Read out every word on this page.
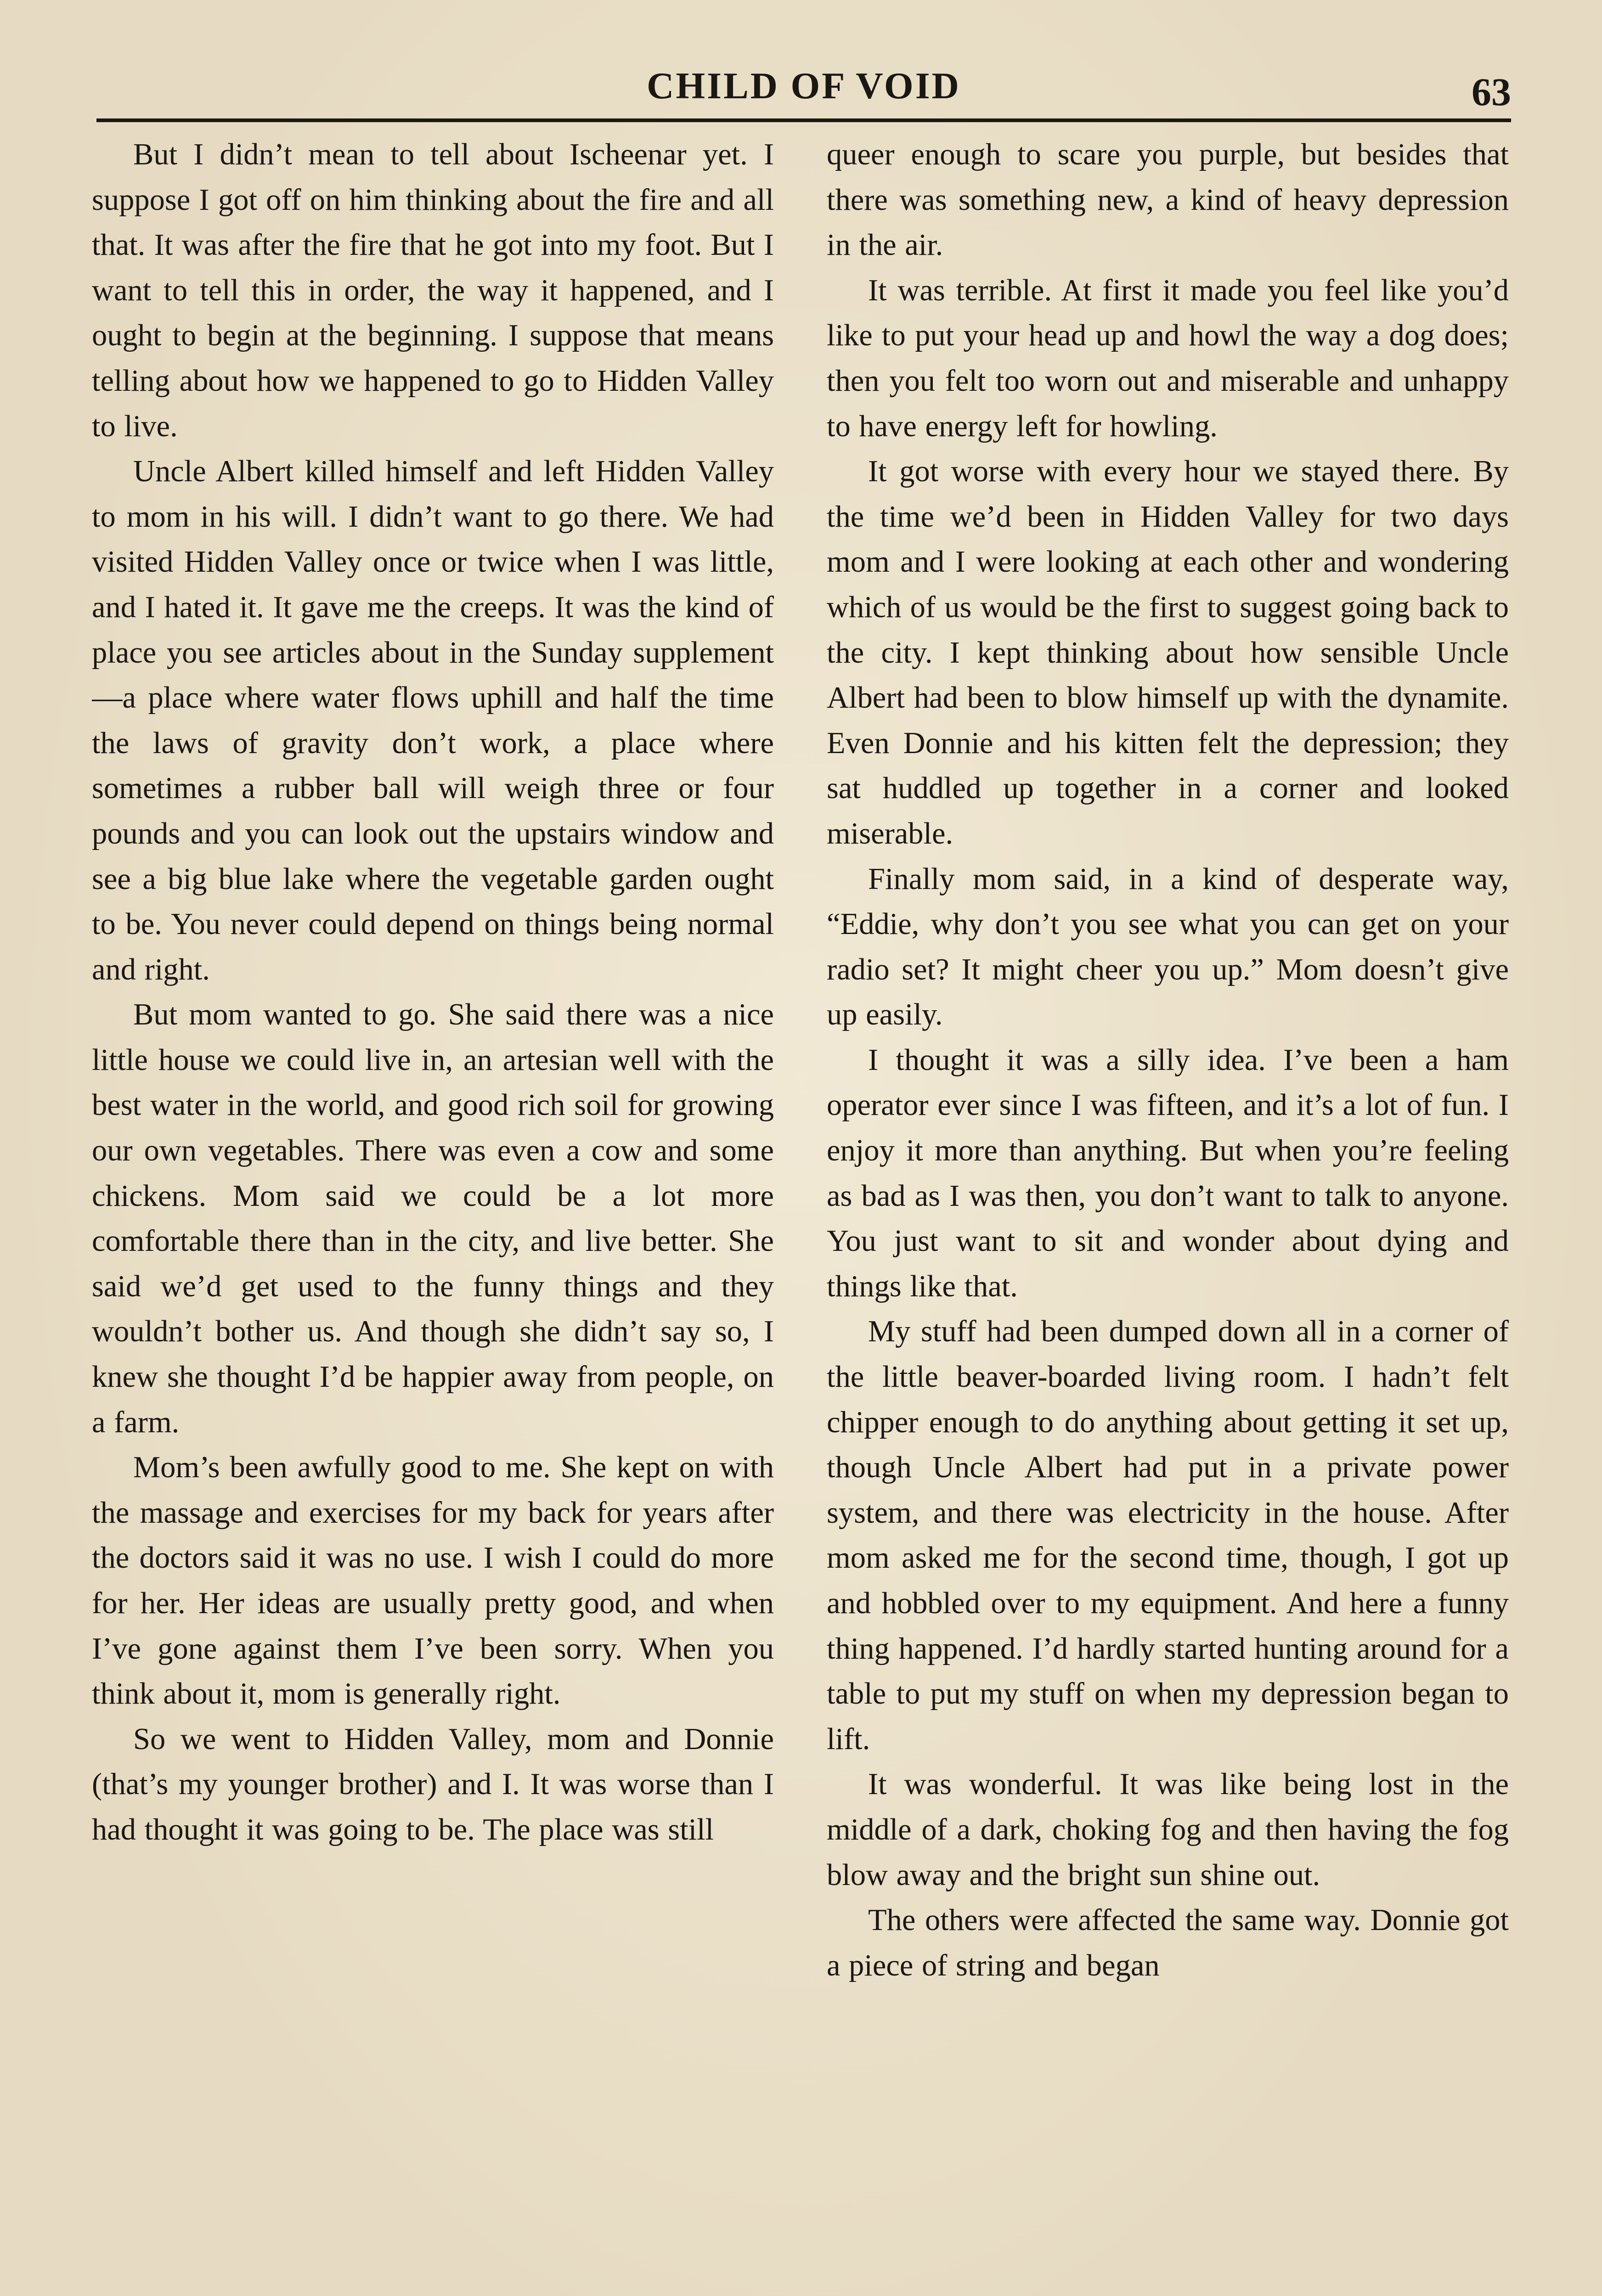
CHILD OF VOID	63

But I didn’t mean to tell about Ischeenar yet. I suppose I got off on him thinking about the fire and all that. It was after the fire that he got into my foot. But I want to tell this in order, the way it happened, and I ought to begin at the beginning. I suppose that means telling about how we happened to go to Hidden Valley to live.

Uncle Albert killed himself and left Hidden Valley to mom in his will. I didn’t want to go there. We had visited Hidden Valley once or twice when I was little, and I hated it. It gave me the creeps. It was the kind of place you see articles about in the Sunday supplement—a place where water flows uphill and half the time the laws of gravity don’t work, a place where sometimes a rubber ball will weigh three or four pounds and you can look out the upstairs window and see a big blue lake where the vegetable garden ought to be. You never could depend on things being normal and right.

But mom wanted to go. She said there was a nice little house we could live in, an artesian well with the best water in the world, and good rich soil for growing our own vegetables. There was even a cow and some chickens. Mom said we could be a lot more comfortable there than in the city, and live better. She said we’d get used to the funny things and they wouldn’t bother us. And though she didn’t say so, I knew she thought I’d be happier away from people, on a farm.

Mom’s been awfully good to me. She kept on with the massage and exercises for my back for years after the doctors said it was no use. I wish I could do more for her. Her ideas are usually pretty good, and when I’ve gone against them I’ve been sorry. When you think about it, mom is generally right.

So we went to Hidden Valley, mom and Donnie (that’s my younger brother) and I. It was worse than I had thought it was going to be. The place was still

queer enough to scare you purple, but besides that there was something new, a kind of heavy depression in the air.

It was terrible. At first it made you feel like you’d like to put your head up and howl the way a dog does; then you felt too worn out and miserable and unhappy to have energy left for howling.

It got worse with every hour we stayed there. By the time we’d been in Hidden Valley for two days mom and I were looking at each other and wondering which of us would be the first to suggest going back to the city. I kept thinking about how sensible Uncle Albert had been to blow himself up with the dynamite. Even Donnie and his kitten felt the depression; they sat huddled up together in a corner and looked miserable.

Finally mom said, in a kind of desperate way, “Eddie, why don’t you see what you can get on your radio set? It might cheer you up.” Mom doesn’t give up easily.

I thought it was a silly idea. I’ve been a ham operator ever since I was fifteen, and it’s a lot of fun. I enjoy it more than anything. But when you’re feeling as bad as I was then, you don’t want to talk to anyone. You just want to sit and wonder about dying and things like that.

My stuff had been dumped down all in a corner of the little beaver-boarded living room. I hadn’t felt chipper enough to do anything about getting it set up, though Uncle Albert had put in a private power system, and there was electricity in the house. After mom asked me for the second time, though, I got up and hobbled over to my equipment. And here a funny thing happened. I’d hardly started hunting around for a table to put my stuff on when my depression began to lift.

It was wonderful. It was like being lost in the middle of a dark, choking fog and then having the fog blow away and the bright sun shine out.

The others were affected the same way. Donnie got a piece of string and began
